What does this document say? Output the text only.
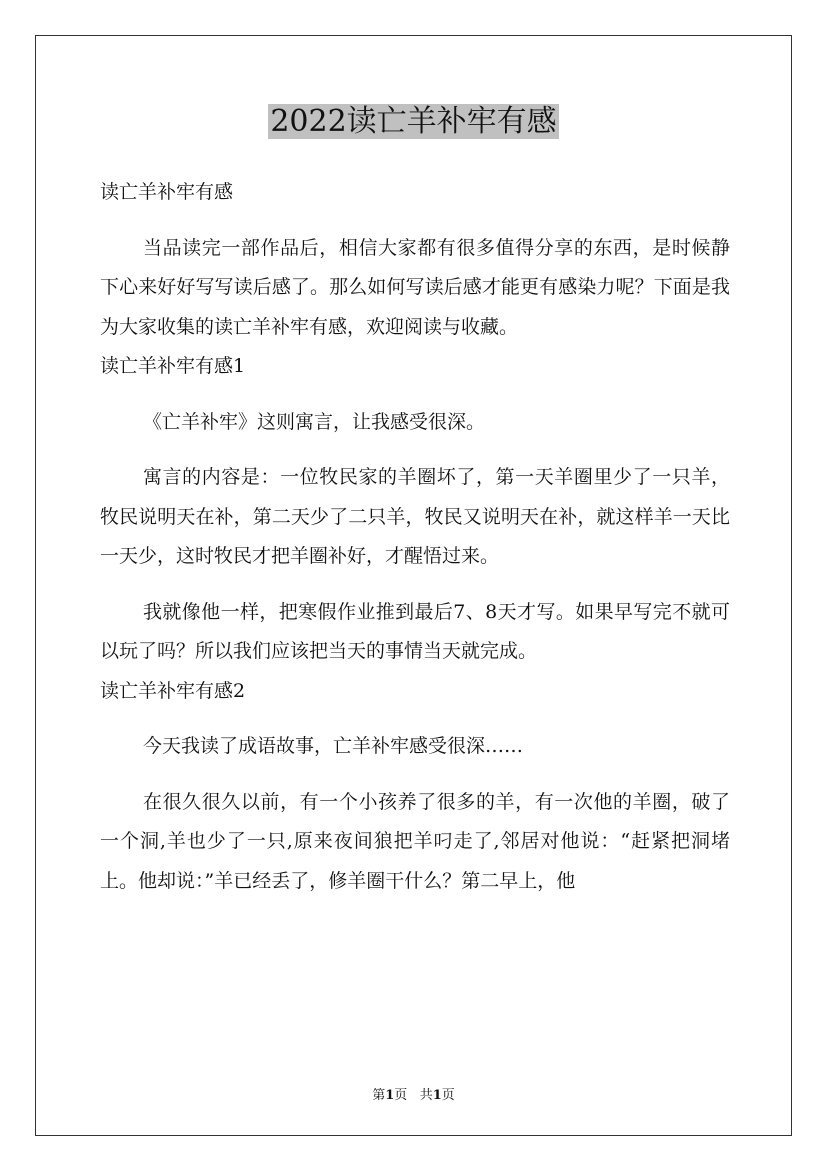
2022读亡羊补牢有感

读亡羊补牢有感

当品读完一部作品后，相信大家都有很多值得分享的东西，是时候静下心来好好写写读后感了。那么如何写读后感才能更有感染力呢？下面是我为大家收集的读亡羊补牢有感，欢迎阅读与收藏。

读亡羊补牢有感1

《亡羊补牢》这则寓言，让我感受很深。

寓言的内容是：一位牧民家的羊圈坏了，第一天羊圈里少了一只羊，牧民说明天在补，第二天少了二只羊，牧民又说明天在补，就这样羊一天比一天少，这时牧民才把羊圈补好，才醒悟过来。

我就像他一样，把寒假作业推到最后7、8天才写。如果早写完不就可以玩了吗？所以我们应该把当天的事情当天就完成。

读亡羊补牢有感2

今天我读了成语故事，亡羊补牢感受很深……

在很久很久以前，有一个小孩养了很多的羊，有一次他的羊圈，破了一个洞,羊也少了一只,原来夜间狼把羊叼走了,邻居对他说：“赶紧把洞堵上。他却说：”羊已经丢了，修羊圈干什么？第二早上，他

第1页 共1页
